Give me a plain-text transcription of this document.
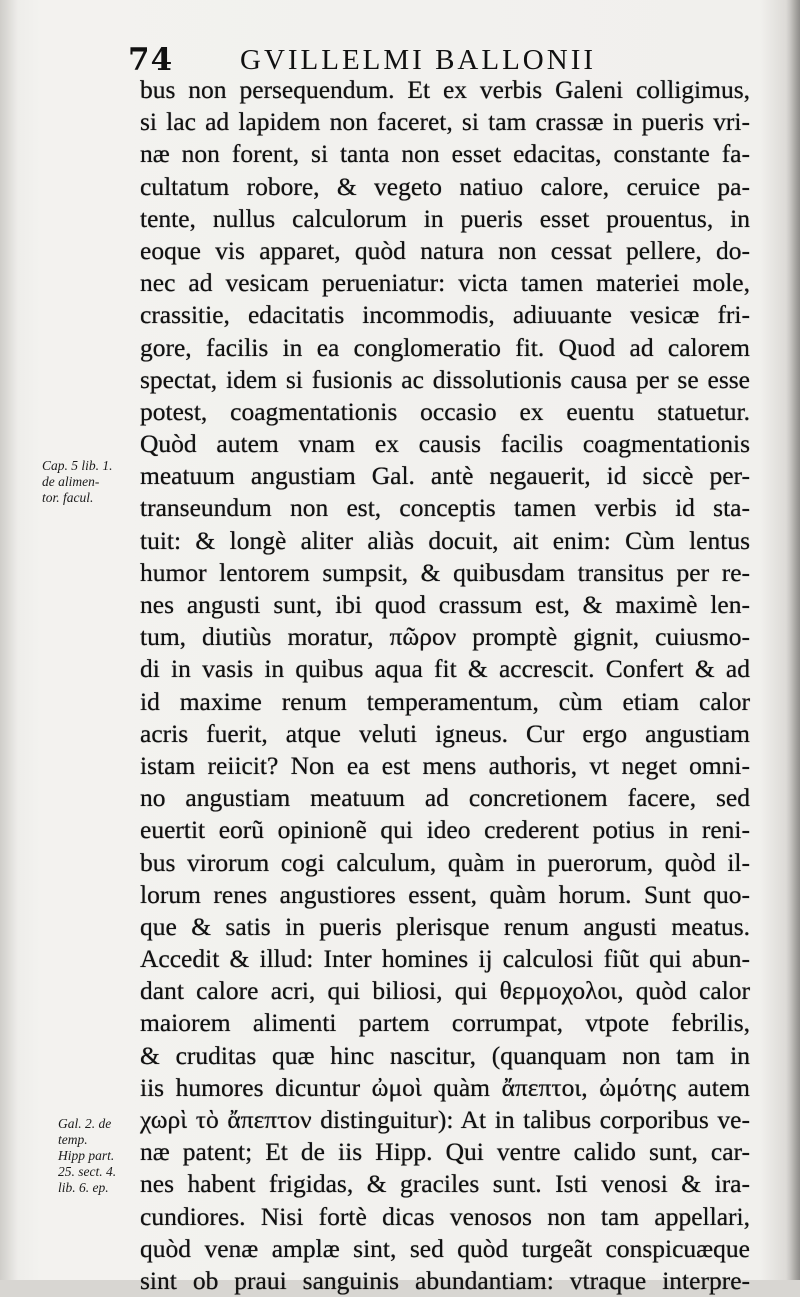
74 GVILLELMI BALLONII
Cap. 5 lib. 1.
de alimen-
tor. facul.
Gal. 2. de
temp.
Hipp part.
25. sect. 4.
lib. 6. ep.
bus non persequendum. Et ex verbis Galeni colligimus,
si lac ad lapidem non faceret, si tam crassæ in pueris vri-
næ non forent, si tanta non esset edacitas, constante fa-
cultatum robore, & vegeto natiuo calore, ceruice pa-
tente, nullus calculorum in pueris esset prouentus, in
eoque vis apparet, quòd natura non cessat pellere, do-
nec ad vesicam perueniatur: victa tamen materiei mole,
crassitie, edacitatis incommodis, adiuuante vesicæ fri-
gore, facilis in ea conglomeratio fit. Quod ad calorem
spectat, idem si fusionis ac dissolutionis causa per se esse
potest, coagmentationis occasio ex euentu statuetur.
Quòd autem vnam ex causis facilis coagmentationis
meatuum angustiam Gal. antè negauerit, id siccè per-
transeundum non est, conceptis tamen verbis id sta-
tuit: & longè aliter aliàs docuit, ait enim: Cùm lentus
humor lentorem sumpsit, & quibusdam transitus per re-
nes angusti sunt, ibi quod crassum est, & maximè len-
tum, diutiùs moratur, πῶρον promptè gignit, cuiusmo-
di in vasis in quibus aqua fit & accrescit. Confert & ad
id maxime renum temperamentum, cùm etiam calor
acris fuerit, atque veluti igneus. Cur ergo angustiam
istam reiicit? Non ea est mens authoris, vt neget omni-
no angustiam meatuum ad concretionem facere, sed
euertit eorũ opinionẽ qui ideo crederent potius in reni-
bus virorum cogi calculum, quàm in puerorum, quòd il-
lorum renes angustiores essent, quàm horum. Sunt quo-
que & satis in pueris plerisque renum angusti meatus.
Accedit & illud: Inter homines ij calculosi fiũt qui abun-
dant calore acri, qui biliosi, qui θερμοχολοι, quòd calor
maiorem alimenti partem corrumpat, vtpote febrilis,
& cruditas quæ hinc nascitur, (quanquam non tam in
iis humores dicuntur ὠμοὶ quàm ἄπεπτοι, ὠμότης autem
χωρὶ τὸ ἄπεπτον distinguitur): At in talibus corporibus ve-
næ patent; Et de iis Hipp. Qui ventre calido sunt, car-
nes habent frigidas, & graciles sunt. Isti venosi & ira-
cundiores. Nisi fortè dicas venosos non tam appellari,
quòd venæ amplæ sint, sed quòd turgeãt conspicuæque
sint ob praui sanguinis abundantiam: vtraque interpre-
